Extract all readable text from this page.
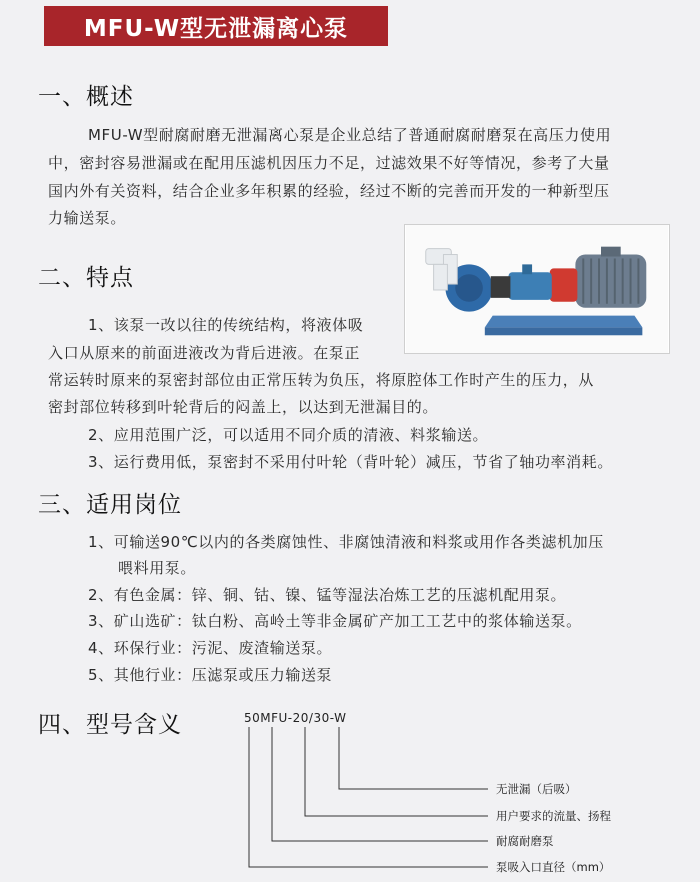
MFU-W型无泄漏离心泵
一、概述
MFU-W型耐腐耐磨无泄漏离心泵是企业总结了普通耐腐耐磨泵在高压力使用
中，密封容易泄漏或在配用压滤机因压力不足，过滤效果不好等情况，参考了大量
国内外有关资料，结合企业多年积累的经验，经过不断的完善而开发的一种新型压
力输送泵。
二、特点
1、该泵一改以往的传统结构，将液体吸
入口从原来的前面进液改为背后进液。在泵正
常运转时原来的泵密封部位由正常压转为负压，将原腔体工作时产生的压力，从
密封部位转移到叶轮背后的闷盖上，以达到无泄漏目的。
2、应用范围广泛，可以适用不同介质的清液、料浆输送。
3、运行费用低，泵密封不采用付叶轮（背叶轮）减压，节省了轴功率消耗。
三、适用岗位
1、可输送90℃以内的各类腐蚀性、非腐蚀清液和料浆或用作各类滤机加压
喂料用泵。
2、有色金属：锌、铜、钴、镍、锰等湿法冶炼工艺的压滤机配用泵。
3、矿山选矿：钛白粉、高岭土等非金属矿产加工工艺中的浆体输送泵。
4、环保行业：污泥、废渣输送泵。
5、其他行业：压滤泵或压力输送泵
四、型号含义	50MFU-20/30-W
无泄漏（后吸）
用户要求的流量、扬程
耐腐耐磨泵
泵吸入口直径（mm）
